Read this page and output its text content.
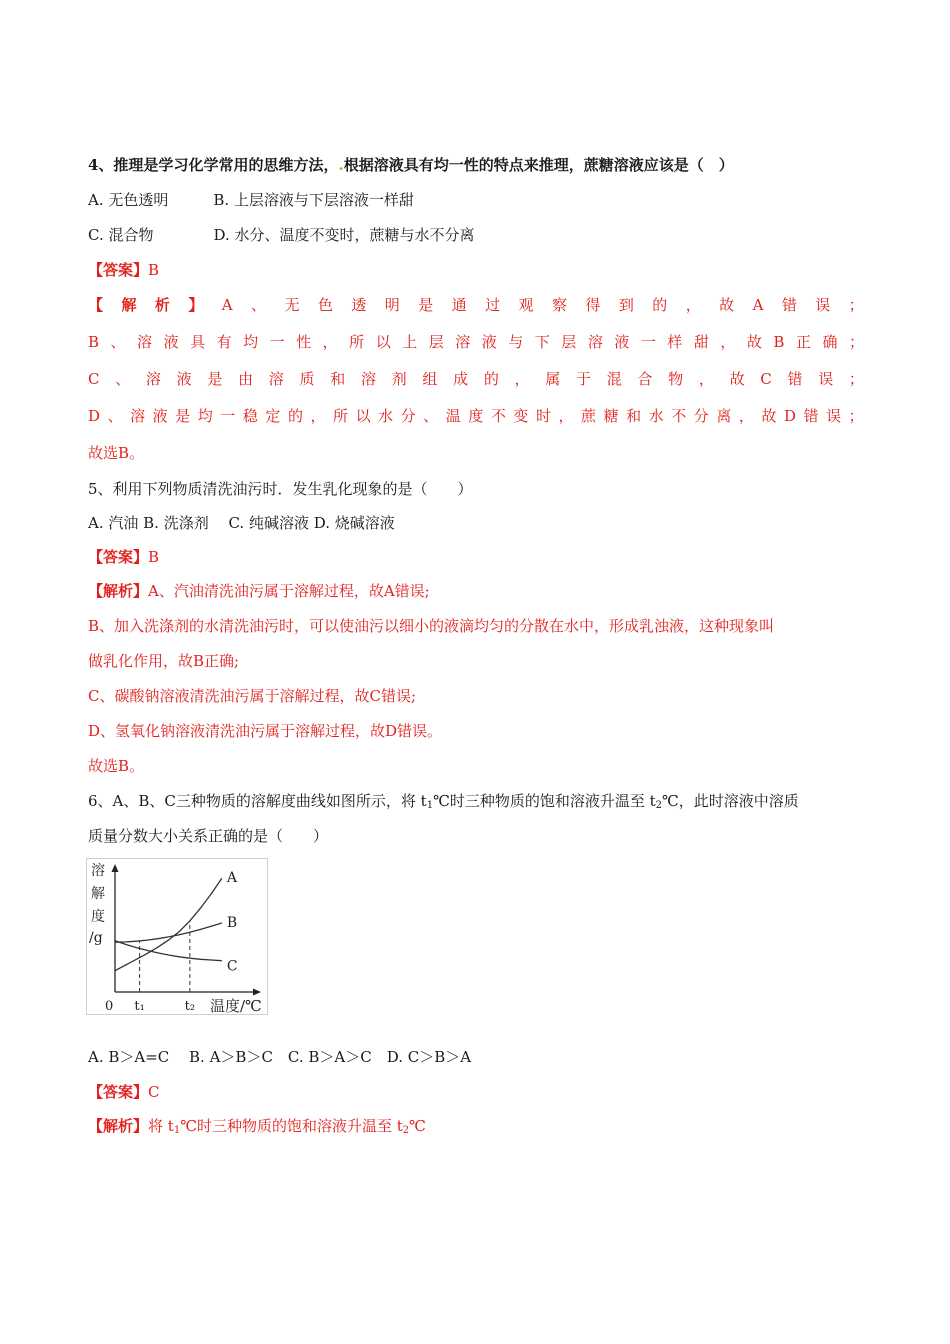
4、推理是学习化学常用的思维方法，.根据溶液具有均一性的特点来推理，蔗糖溶液应该是（　）
A. 无色透明　　　B. 上层溶液与下层溶液一样甜
C. 混合物　　　　D. 水分、温度不变时，蔗糖与水不分离
【答案】B
【 解 析 】 A 、 无 色 透 明 是 通 过 观 察 得 到 的 ， 故 A 错 误 ；
B 、 溶 液 具 有 均 一 性 ， 所 以 上 层 溶 液 与 下 层 溶 液 一 样 甜 ， 故 B 正 确 ；
C 、 溶 液 是 由 溶 质 和 溶 剂 组 成 的 ， 属 于 混 合 物 ， 故 C 错 误 ；
D 、 溶 液 是 均 一 稳 定 的 ， 所 以 水 分 、 温 度 不 变 时 ， 蔗 糖 和 水 不 分 离 ， 故 D 错 误 ；
故选B。
5、利用下列物质清洗油污时．发生乳化现象的是（　　）
A. 汽油 B. 洗涤剂　 C. 纯碱溶液 D. 烧碱溶液
【答案】B
【解析】A、汽油清洗油污属于溶解过程，故A错误;
B、加入洗涤剂的水清洗油污时，可以使油污以细小的液滴均匀的分散在水中，形成乳浊液，这种现象叫
做乳化作用，故B正确;
C、碳酸钠溶液清洗油污属于溶解过程，故C错误;
D、氢氧化钠溶液清洗油污属于溶解过程，故D错误。
故选B。
6、A、B、C三种物质的溶解度曲线如图所示，将 $t_1℃$时三种物质的饱和溶液升温至 $t_2℃$，此时溶液中溶质
质量分数大小关系正确的是（　　）
溶
解
度
/g
A
B
C
0 t₁	t₂ 温度/℃
A. B＞A=C　 B. A＞B＞C　C. B＞A＞C　D. C＞B＞A
【答案】C
【解析】将 $t_1℃$时三种物质的饱和溶液升温至 $t_2℃$
